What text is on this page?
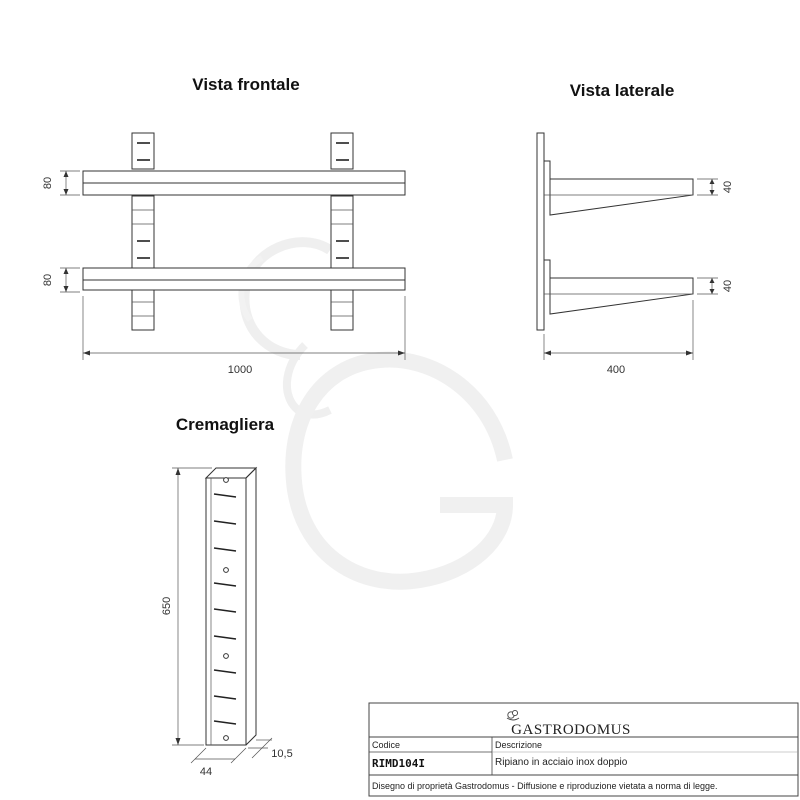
Vista frontale	Vista laterale
Cremagliera
80
80
1000
40
40
400
650
44
10,5
GASTRODOMUS
Codice
RIMD104I
Descrizione
Ripiano in acciaio inox doppio
Disegno di proprietà Gastrodomus - Diffusione e riproduzione vietata a norma di legge.
